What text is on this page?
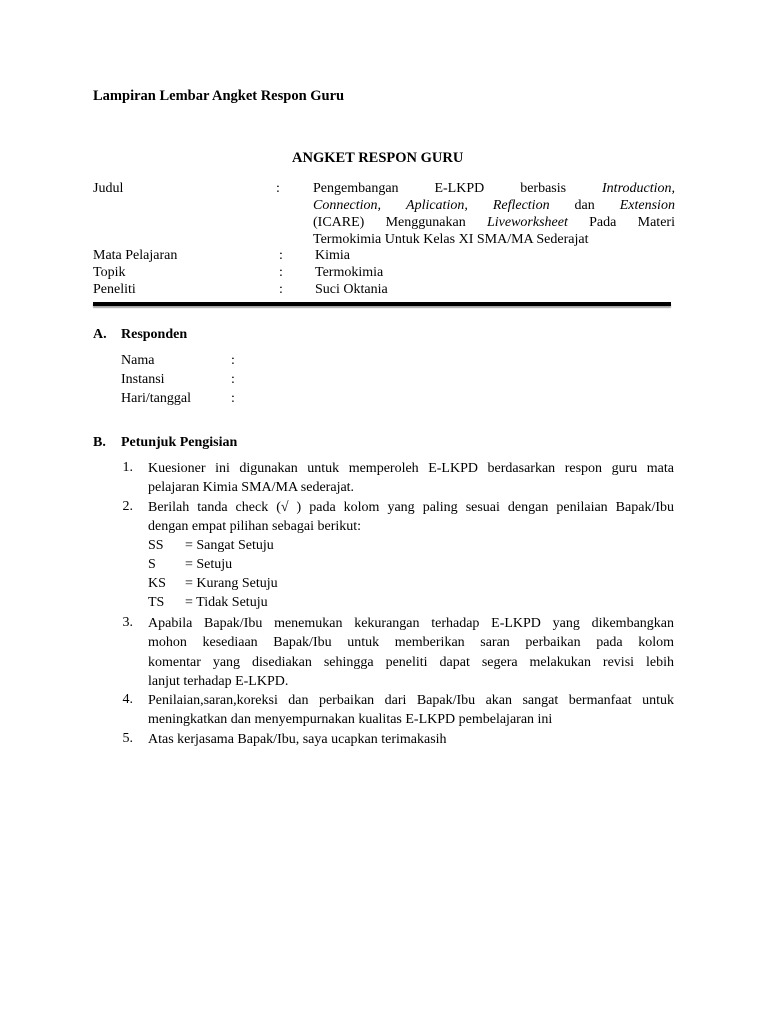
Lampiran Lembar Angket Respon Guru
ANGKET RESPON GURU
Judul	: Pengembangan	E-LKPD	berbasis	Introduction,
Connection, Aplication, Reflection dan Extension
(ICARE) Menggunakan Liveworksheet Pada Materi
Termokimia Untuk Kelas XI SMA/MA Sederajat
Mata Pelajaran	: Kimia
Topik	: Termokimia
Peneliti	: Suci Oktania
A. Responden
Nama	:
Instansi	:
Hari/tanggal	:
B. Petunjuk Pengisian
1. Kuesioner ini digunakan untuk memperoleh E-LKPD berdasarkan respon guru mata
pelajaran Kimia SMA/MA sederajat.
2. Berilah tanda check (√ ) pada kolom yang paling sesuai dengan penilaian Bapak/Ibu
dengan empat pilihan sebagai berikut:
SS = Sangat Setuju
S = Setuju
KS = Kurang Setuju
TS = Tidak Setuju
3. Apabila Bapak/Ibu menemukan kekurangan terhadap E-LKPD yang dikembangkan
mohon kesediaan Bapak/Ibu untuk memberikan saran perbaikan pada kolom
komentar yang disediakan sehingga peneliti dapat segera melakukan revisi lebih
lanjut terhadap E-LKPD.
4. Penilaian,saran,koreksi dan perbaikan dari Bapak/Ibu akan sangat bermanfaat untuk
meningkatkan dan menyempurnakan kualitas E-LKPD pembelajaran ini
5. Atas kerjasama Bapak/Ibu, saya ucapkan terimakasih
